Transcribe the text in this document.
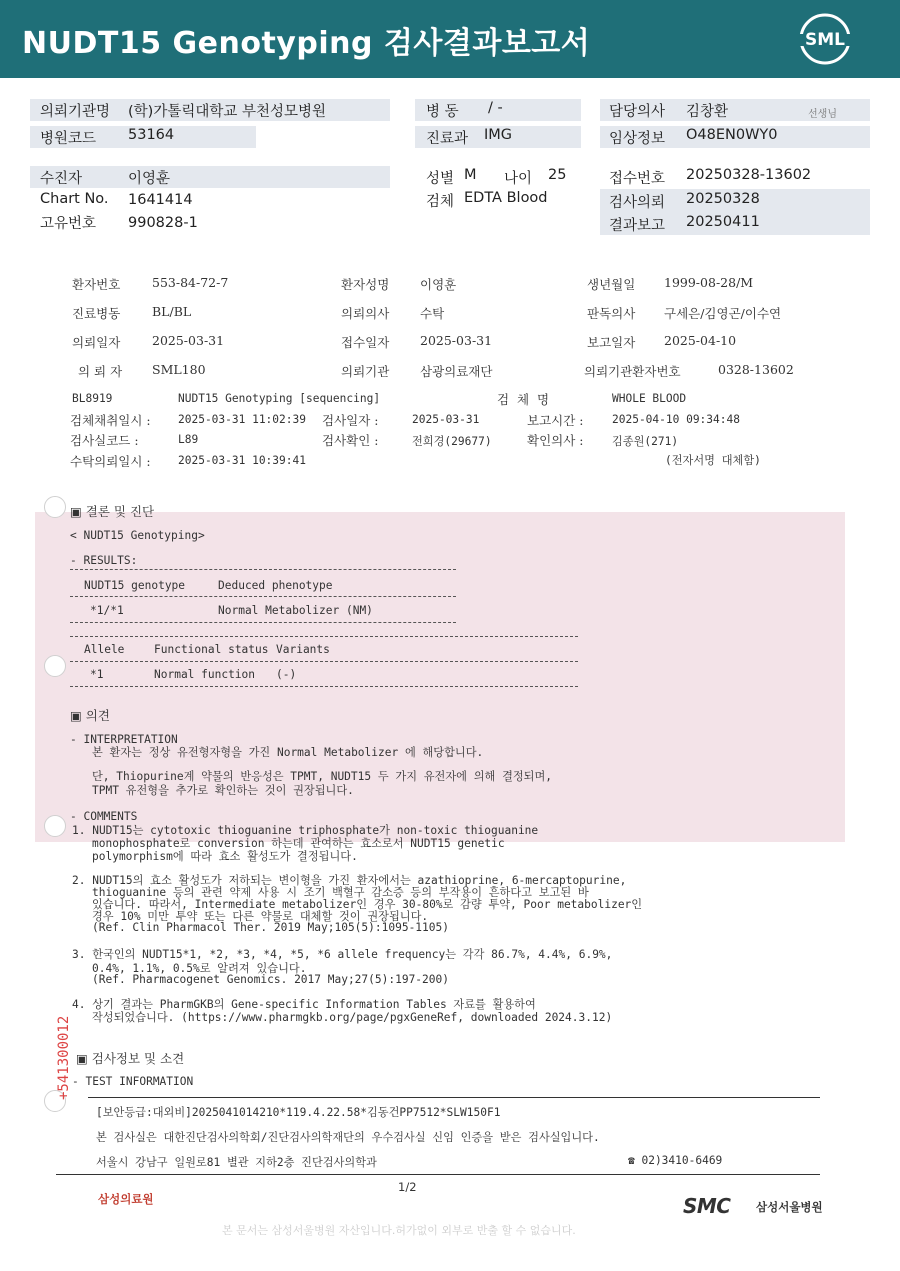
NUDT15 Genotyping 검사결과보고서	SML
의뢰기관명 (학)가톨릭대학교 부천성모병원
병원코드 53164
병 동 / -
진료과 IMG
담당의사 김창환	선생님
임상정보 O48EN0WY0
수진자	이영훈
Chart No. 1641414
고유번호 990828-1
성별 M 나이 25
검체 EDTA Blood
접수번호 20250328-13602
검사의뢰 20250328
결과보고 20250411
환자번호	553-84-72-7	환자성명 이영훈	생년월일 1999-08-28/M
진료병동	BL/BL	의뢰의사 수탁	판독의사 구세은/김영곤/이수연
의뢰일자	2025-03-31	접수일자 2025-03-31	보고일자 2025-04-10
의 뢰 자 SML180	의뢰기관 삼광의료재단	의뢰기관환자번호	0328-13602
BL8919	NUDT15 Genotyping [sequencing]	검  체  명	WHOLE BLOOD
검체채취일시 : 2025-03-31 11:02:39 검사일자 :	2025-03-31	보고시간 :	2025-04-10 09:34:48
검사실코드 :	L89	검사확인 :	전희경(29677)	확인의사 :	김종원(271)
수탁의뢰일시 : 2025-03-31 10:39:41	(전자서명 대체함)
▣ 결론 및 진단
< NUDT15 Genotyping>
- RESULTS:
NUDT15 genotype	Deduced phenotype
*1/*1	Normal Metabolizer (NM)
Allele	Functional status Variants
*1	Normal function (-)
▣ 의견
- INTERPRETATION
본 환자는 정상 유전형자형을 가진 Normal Metabolizer 에 해당합니다.
단, Thiopurine계 약물의 반응성은 TPMT, NUDT15 두 가지 유전자에 의해 결정되며,
TPMT 유전형을 추가로 확인하는 것이 권장됩니다.
- COMMENTS
1. NUDT15는 cytotoxic thioguanine triphosphate가 non-toxic thioguanine
monophosphate로 conversion 하는데 관여하는 효소로서 NUDT15 genetic
polymorphism에 따라 효소 활성도가 결정됩니다.
2. NUDT15의 효소 활성도가 저하되는 변이형을 가진 환자에서는 azathioprine, 6-mercaptopurine,
thioguanine 등의 관련 약제 사용 시 조기 백혈구 감소증 등의 부작용이 흔하다고 보고된 바
있습니다. 따라서, Intermediate metabolizer인 경우 30-80%로 감량 투약, Poor metabolizer인
경우 10% 미만 투약 또는 다른 약물로 대체할 것이 권장됩니다.
(Ref. Clin Pharmacol Ther. 2019 May;105(5):1095-1105)
3. 한국인의 NUDT15*1, *2, *3, *4, *5, *6 allele frequency는 각각 86.7%, 4.4%, 6.9%,
0.4%, 1.1%, 0.5%로 알려져 있습니다.
(Ref. Pharmacogenet Genomics. 2017 May;27(5):197-200)
4. 상기 결과는 PharmGKB의 Gene-specific Information Tables 자료를 활용하여
작성되었습니다. (https://www.pharmgkb.org/page/pgxGeneRef, downloaded 2024.3.12)
+541300012 ▣ 검사정보 및 소견
- TEST INFORMATION
[보안등급:대외비]2025041014210*119.4.22.58*김동건PP7512*SLW150F1
본 검사실은 대한진단검사의학회/진단검사의학재단의 우수검사실 신임 인증을 받은 검사실입니다.
서울시 강남구 일원로81 별관 지하2층 진단검사의학과	☎ 02)3410-6469
1/2
삼성의료원	SMC 삼성서울병원
본 문서는 삼성서울병원 자산입니다.허가없이 외부로 반출 할 수 없습니다.
